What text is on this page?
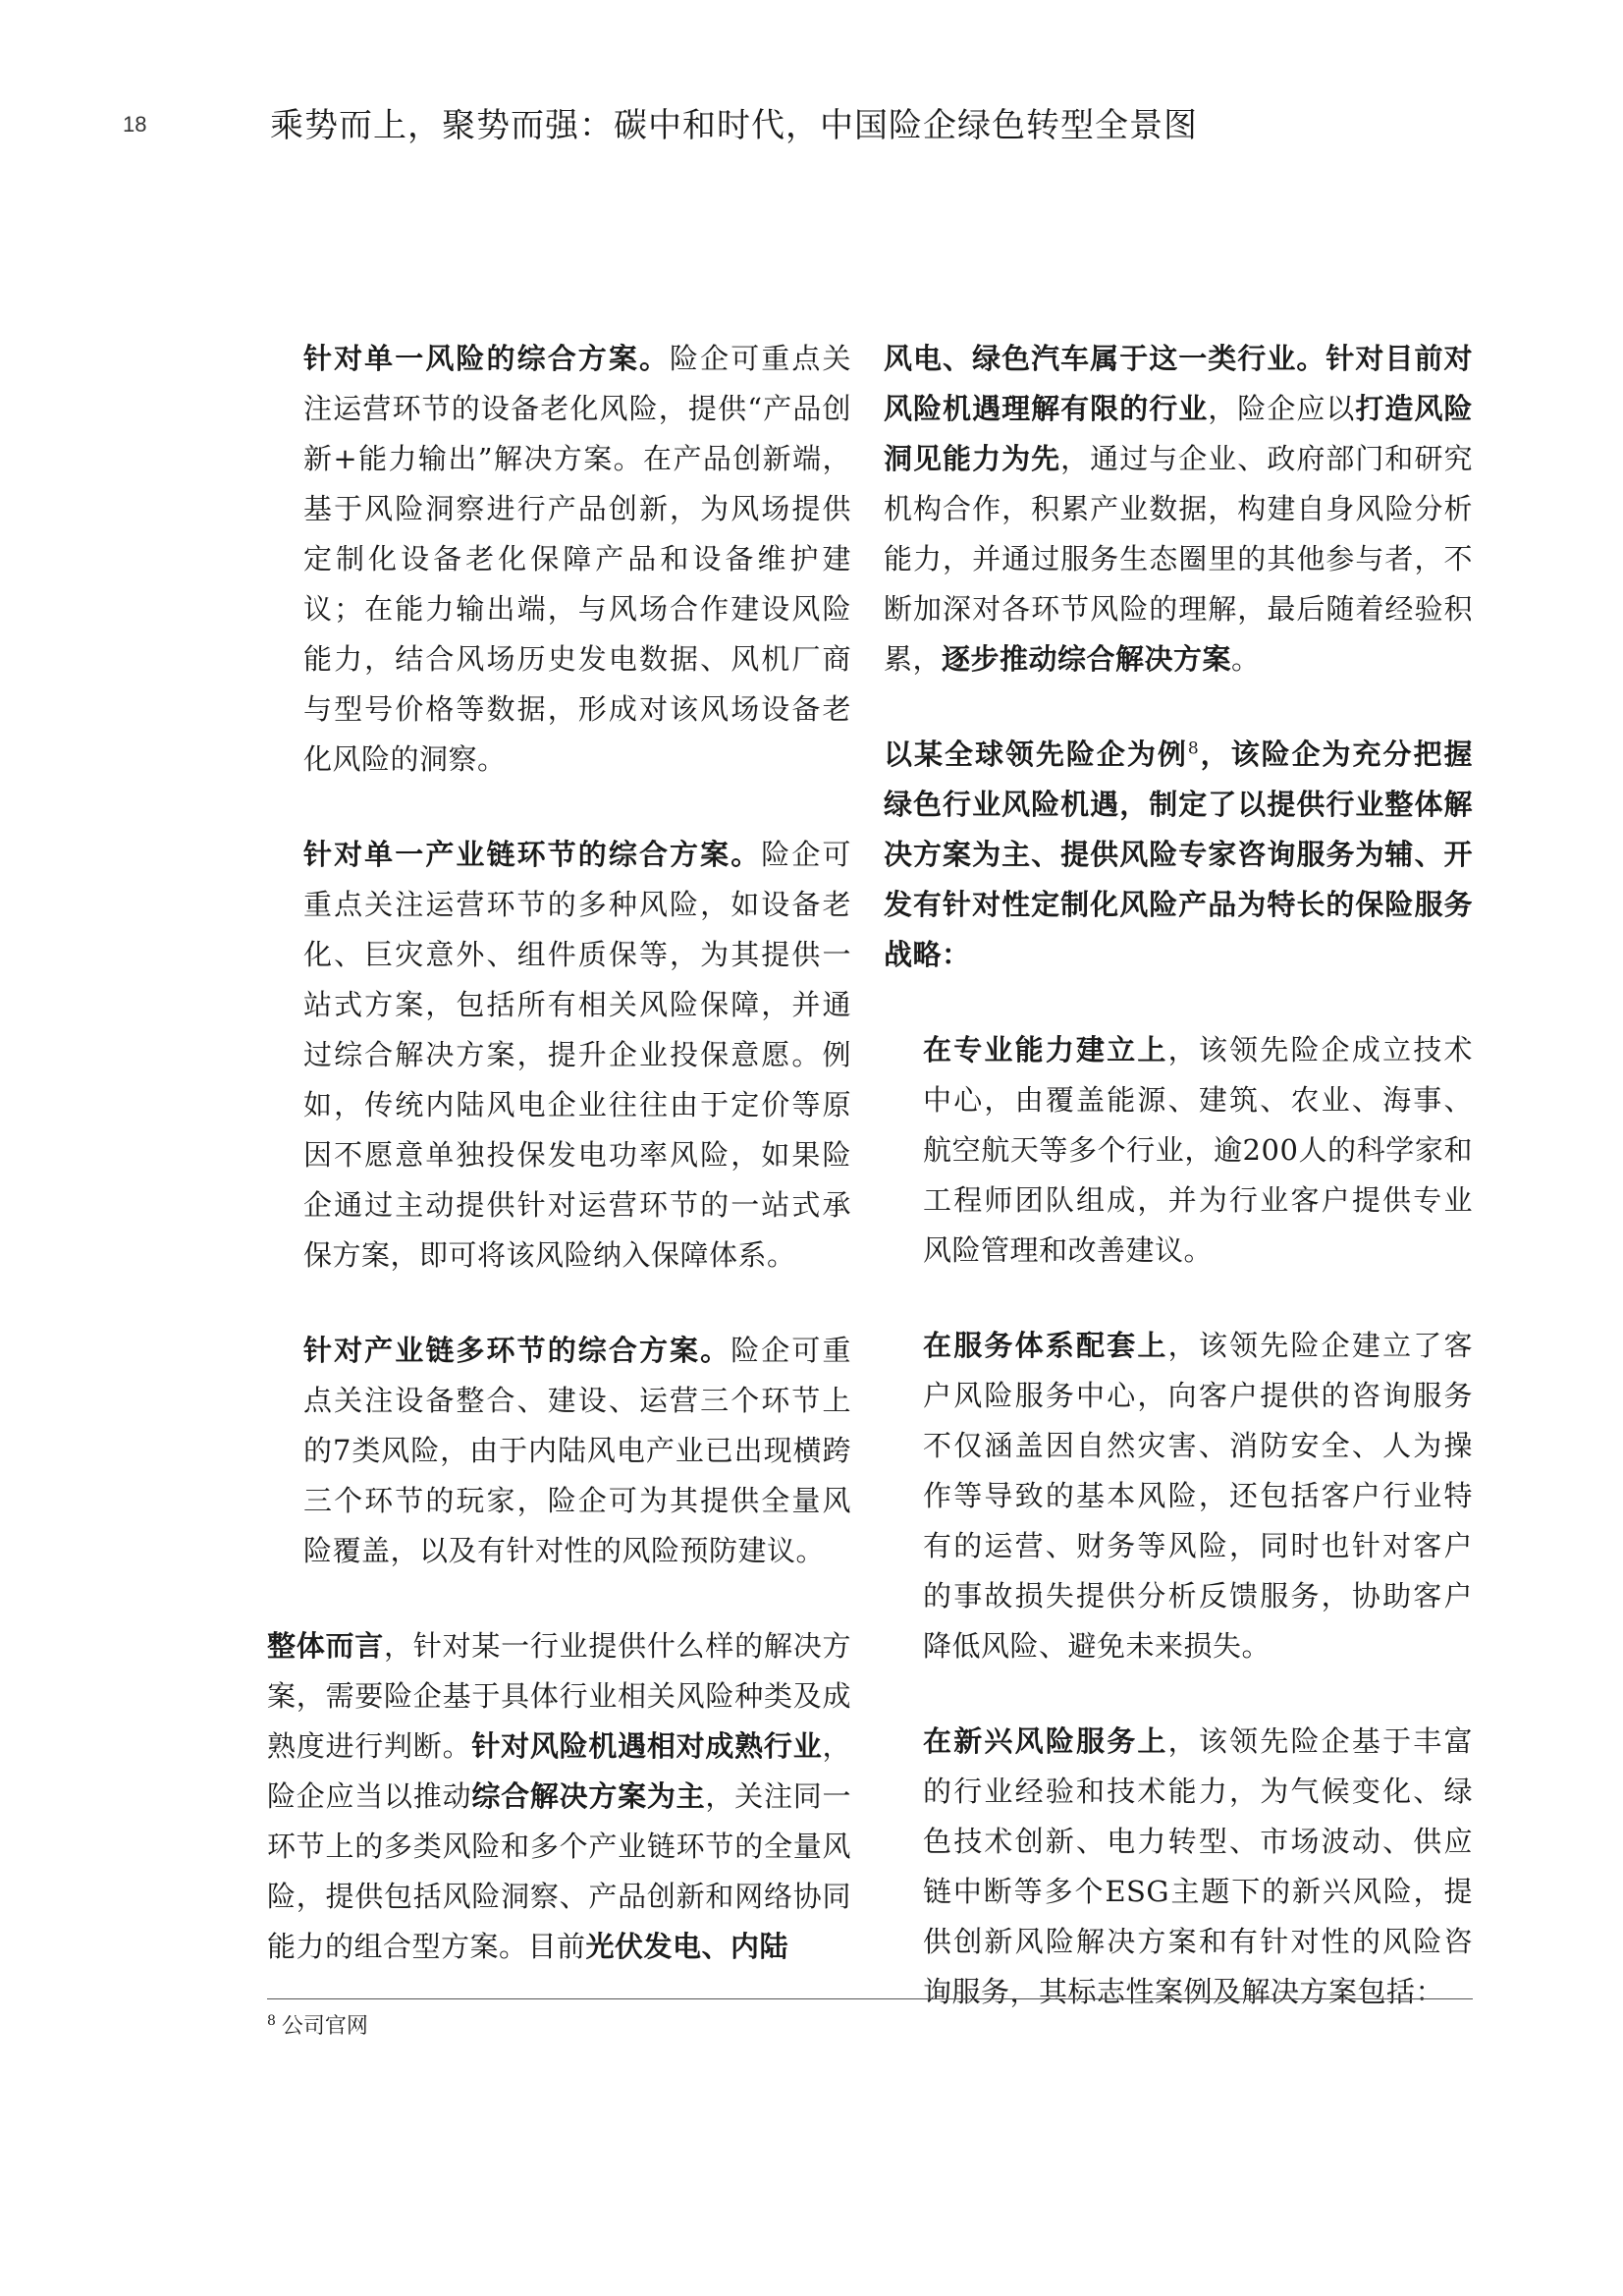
18	乘势而上，聚势而强：碳中和时代，中国险企绿色转型全景图

针对单一风险的综合方案。险企可重点关注运营环节的设备老化风险，提供“产品创新+能力输出”解决方案。在产品创新端，基于风险洞察进行产品创新，为风场提供定制化设备老化保障产品和设备维护建议；在能力输出端，与风场合作建设风险能力，结合风场历史发电数据、风机厂商与型号价格等数据，形成对该风场设备老化风险的洞察。

针对单一产业链环节的综合方案。险企可重点关注运营环节的多种风险，如设备老化、巨灾意外、组件质保等，为其提供一站式方案，包括所有相关风险保障，并通过综合解决方案，提升企业投保意愿。例如，传统内陆风电企业往往由于定价等原因不愿意单独投保发电功率风险，如果险企通过主动提供针对运营环节的一站式承保方案，即可将该风险纳入保障体系。

针对产业链多环节的综合方案。险企可重点关注设备整合、建设、运营三个环节上的7类风险，由于内陆风电产业已出现横跨三个环节的玩家，险企可为其提供全量风险覆盖，以及有针对性的风险预防建议。

整体而言，针对某一行业提供什么样的解决方案，需要险企基于具体行业相关风险种类及成熟度进行判断。针对风险机遇相对成熟行业，险企应当以推动综合解决方案为主，关注同一环节上的多类风险和多个产业链环节的全量风险，提供包括风险洞察、产品创新和网络协同能力的组合型方案。目前光伏发电、内陆

风电、绿色汽车属于这一类行业。针对目前对风险机遇理解有限的行业，险企应以打造风险洞见能力为先，通过与企业、政府部门和研究机构合作，积累产业数据，构建自身风险分析能力，并通过服务生态圈里的其他参与者，不断加深对各环节风险的理解，最后随着经验积累，逐步推动综合解决方案。

以某全球领先险企为例$^8$，该险企为充分把握绿色行业风险机遇，制定了以提供行业整体解决方案为主、提供风险专家咨询服务为辅、开发有针对性定制化风险产品为特长的保险服务战略：

在专业能力建立上，该领先险企成立技术中心，由覆盖能源、建筑、农业、海事、航空航天等多个行业，逾200人的科学家和工程师团队组成，并为行业客户提供专业风险管理和改善建议。

在服务体系配套上，该领先险企建立了客户风险服务中心，向客户提供的咨询服务不仅涵盖因自然灾害、消防安全、人为操作等导致的基本风险，还包括客户行业特有的运营、财务等风险，同时也针对客户的事故损失提供分析反馈服务，协助客户降低风险、避免未来损失。

在新兴风险服务上，该领先险企基于丰富的行业经验和技术能力，为气候变化、绿色技术创新、电力转型、市场波动、供应链中断等多个ESG主题下的新兴风险，提供创新风险解决方案和有针对性的风险咨询服务，其标志性案例及解决方案包括：

$^8$ 公司官网
